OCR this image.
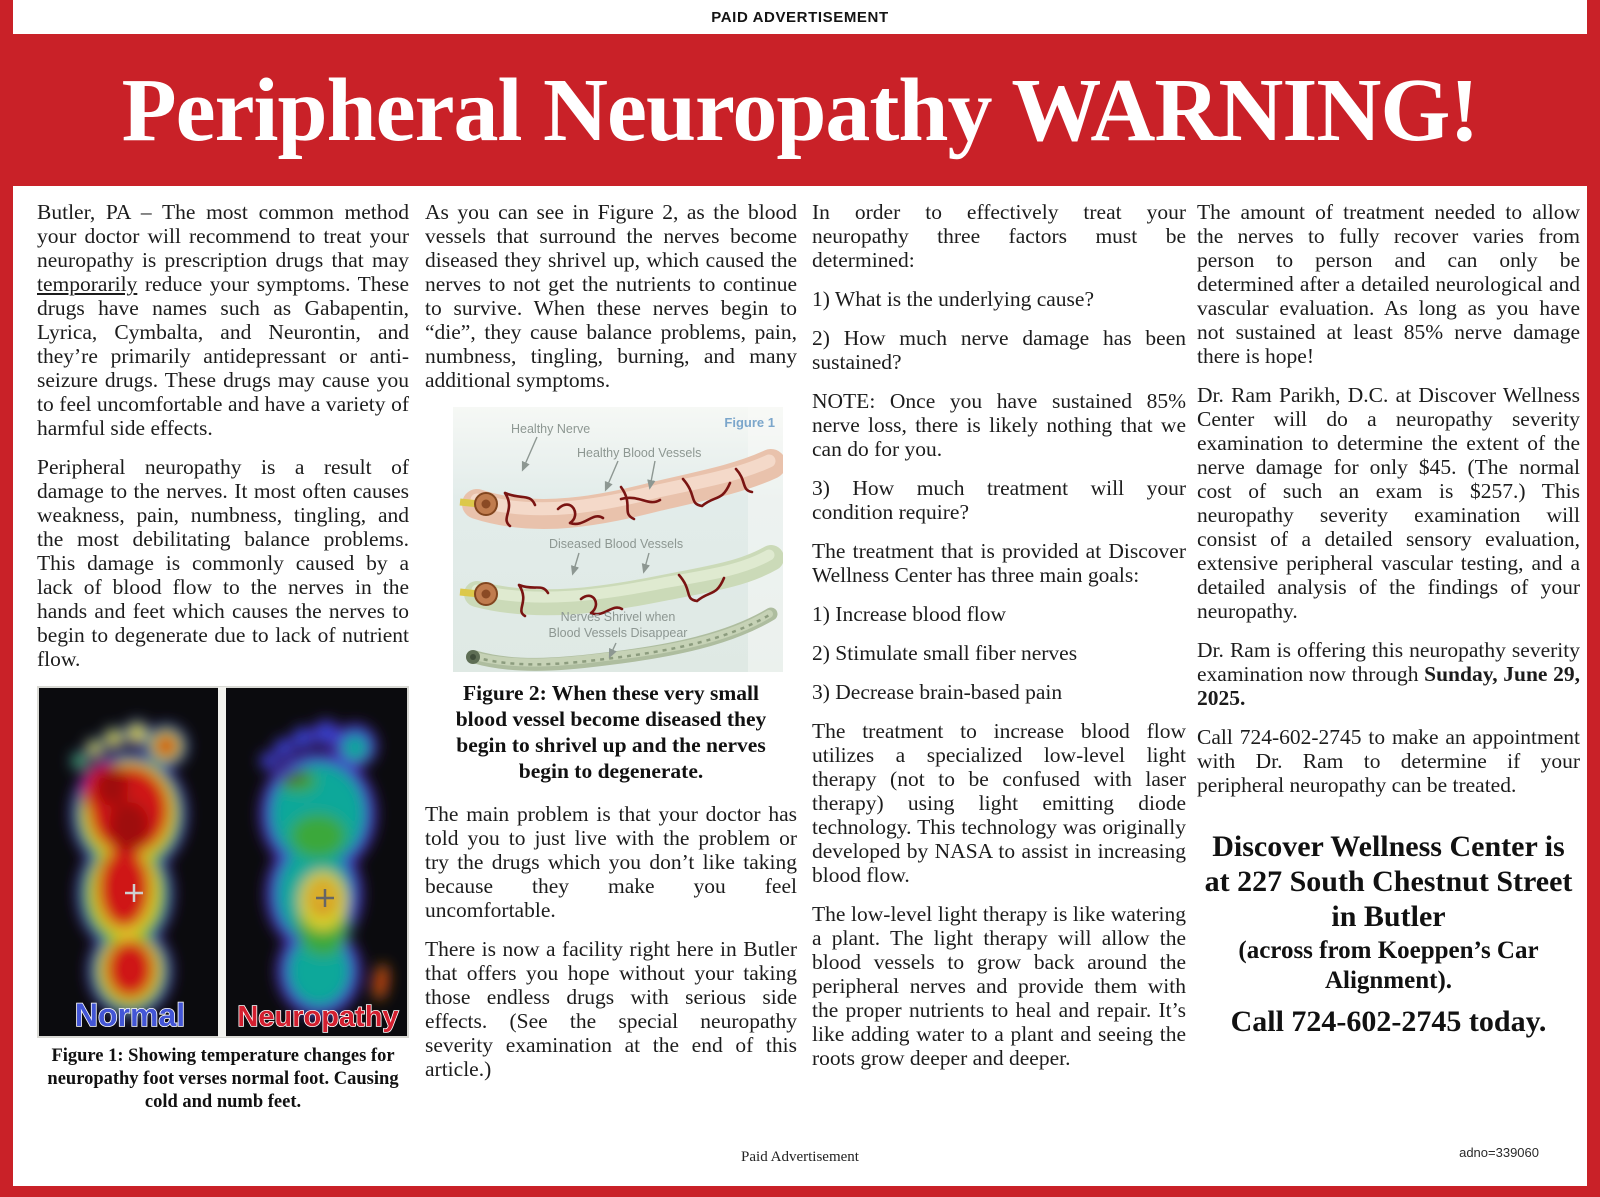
PAID ADVERTISEMENT
Peripheral Neuropathy WARNING!

Butler, PA – The most common method your doctor will recommend to treat your neuropathy is prescription drugs that may temporarily reduce your symptoms. These drugs have names such as Gabapentin, Lyrica, Cymbalta, and Neurontin, and they’re primarily antidepressant or anti-seizure drugs. These drugs may cause you to feel uncomfortable and have a variety of harmful side effects.

Peripheral neuropathy is a result of damage to the nerves. It most often causes weakness, pain, numbness, tingling, and the most debilitating balance problems. This damage is commonly caused by a lack of blood flow to the nerves in the hands and feet which causes the nerves to begin to degenerate due to lack of nutrient flow.

Normal Neuropathy
Figure 1: Showing temperature changes for neuropathy foot verses normal foot. Causing cold and numb feet.

As you can see in Figure 2, as the blood vessels that surround the nerves become diseased they shrivel up, which caused the nerves to not get the nutrients to continue to survive. When these nerves begin to “die”, they cause balance problems, pain, numbness, tingling, burning, and many additional symptoms.

Figure 1
Healthy Nerve
Healthy Blood Vessels
Diseased Blood Vessels
Nerves Shrivel when
Blood Vessels Disappear
Figure 2: When these very small blood vessel become diseased they begin to shrivel up and the nerves begin to degenerate.

The main problem is that your doctor has told you to just live with the problem or try the drugs which you don’t like taking because they make you feel uncomfortable.

There is now a facility right here in Butler that offers you hope without your taking those endless drugs with serious side effects. (See the special neuropathy severity examination at the end of this article.)

In order to effectively treat your neuropathy three factors must be determined:

1) What is the underlying cause?

2) How much nerve damage has been sustained?

NOTE: Once you have sustained 85% nerve loss, there is likely nothing that we can do for you.

3) How much treatment will your condition require?

The treatment that is provided at Discover Wellness Center has three main goals:

1) Increase blood flow

2) Stimulate small fiber nerves

3) Decrease brain-based pain

The treatment to increase blood flow utilizes a specialized low-level light therapy (not to be confused with laser therapy) using light emitting diode technology. This technology was originally developed by NASA to assist in increasing blood flow.

The low-level light therapy is like watering a plant. The light therapy will allow the blood vessels to grow back around the peripheral nerves and provide them with the proper nutrients to heal and repair. It’s like adding water to a plant and seeing the roots grow deeper and deeper.

The amount of treatment needed to allow the nerves to fully recover varies from person to person and can only be determined after a detailed neurological and vascular evaluation. As long as you have not sustained at least 85% nerve damage there is hope!

Dr. Ram Parikh, D.C. at Discover Wellness Center will do a neuropathy severity examination to determine the extent of the nerve damage for only $45. (The normal cost of such an exam is $257.) This neuropathy severity examination will consist of a detailed sensory evaluation, extensive peripheral vascular testing, and a detailed analysis of the findings of your neuropathy.

Dr. Ram is offering this neuropathy severity examination now through Sunday, June 29, 2025.

Call 724-602-2745 to make an appointment with Dr. Ram to determine if your peripheral neuropathy can be treated.

Discover Wellness Center is at 227 South Chestnut Street in Butler
(across from Koeppen’s Car Alignment).
Call 724-602-2745 today.
Paid Advertisement	adno=339060
